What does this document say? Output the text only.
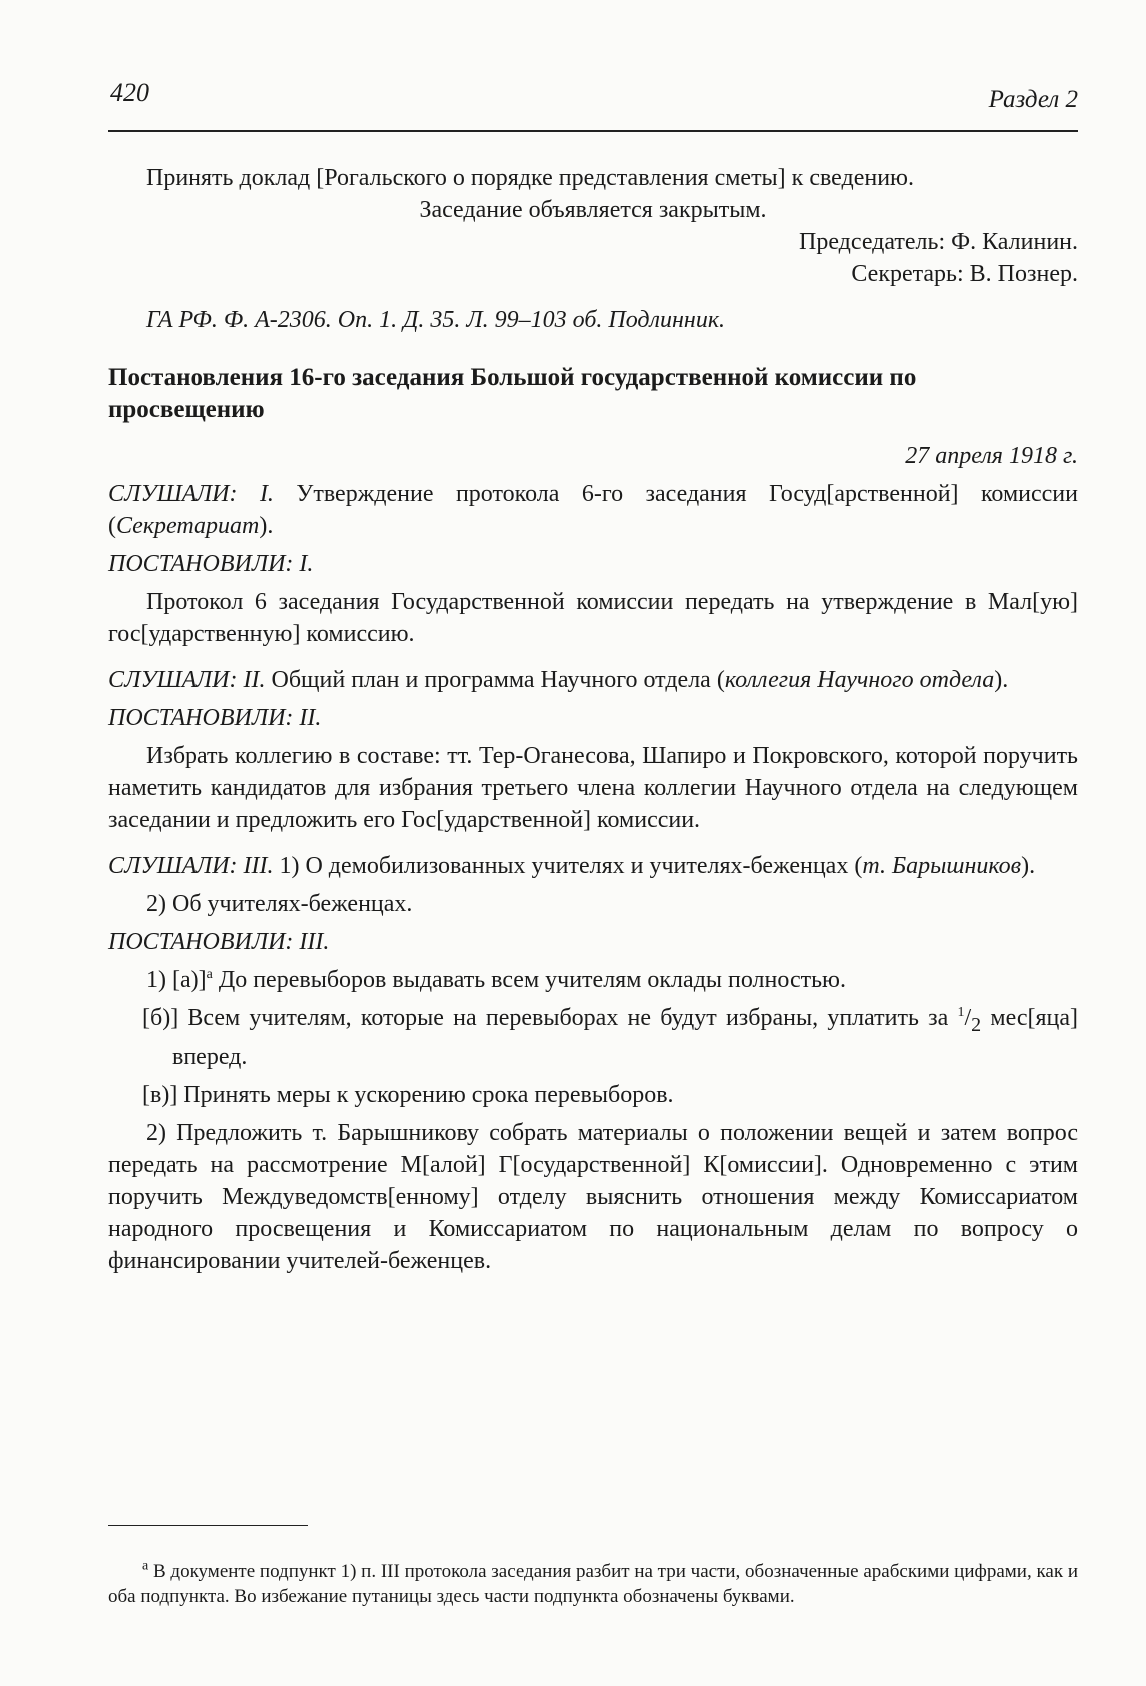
420	Раздел 2

Принять доклад [Рогальского о порядке представления сметы] к сведению.

Заседание объявляется закрытым.

Председатель: Ф. Калинин.

Секретарь: В. Познер.

ГА РФ. Ф. А-2306. Оп. 1. Д. 35. Л. 99–103 об. Подлинник.

Постановления 16-го заседания Большой государственной комиссии по просвещению

27 апреля 1918 г.

СЛУШАЛИ: I. Утверждение протокола 6-го заседания Госуд[арственной] комиссии (Секретариат).

ПОСТАНОВИЛИ: I.

Протокол 6 заседания Государственной комиссии передать на утверждение в Мал[ую] гос[ударственную] комиссию.

СЛУШАЛИ: II. Общий план и программа Научного отдела (коллегия Научного отдела).

ПОСТАНОВИЛИ: II.

Избрать коллегию в составе: тт. Тер-Оганесова, Шапиро и Покровского, которой поручить наметить кандидатов для избрания третьего члена коллегии Научного отдела на следующем заседании и предложить его Гос[ударственной] комиссии.

СЛУШАЛИ: III. 1) О демобилизованных учителях и учителях-беженцах (т. Барышников).

2) Об учителях-беженцах.

ПОСТАНОВИЛИ: III.

1) $[а)]^а$ До перевыборов выдавать всем учителям оклады полностью.

[б)] Всем учителям, которые на перевыборах не будут избраны, уплатить за $^1/_2$ мес[яца] вперед.

[в)] Принять меры к ускорению срока перевыборов.

2) Предложить т. Барышникову собрать материалы о положении вещей и затем вопрос передать на рассмотрение М[алой] Г[осударственной] К[омиссии]. Одновременно с этим поручить Междуведомств[енному] отделу выяснить отношения между Комиссариатом народного просвещения и Комиссариатом по национальным делам по вопросу о финансировании учителей-беженцев.

$^а$ В документе подпункт 1) п. III протокола заседания разбит на три части, обозначенные арабскими цифрами, как и оба подпункта. Во избежание путаницы здесь части подпункта обозначены буквами.
